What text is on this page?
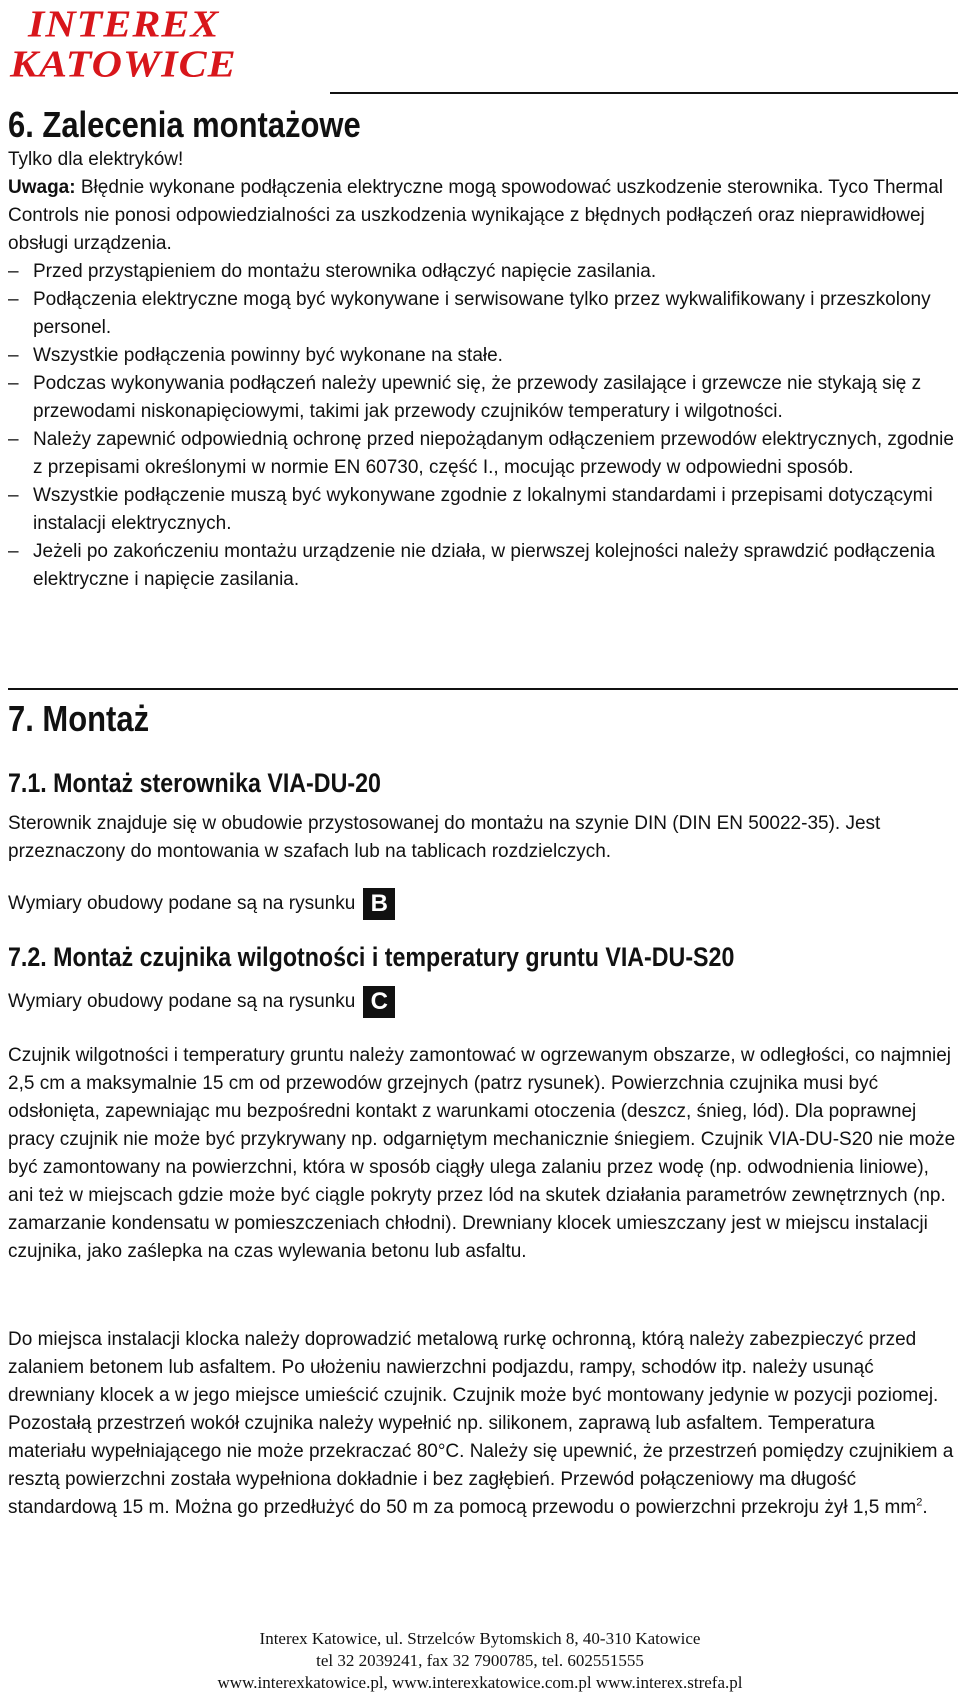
INTEREX
KATOWICE
6. Zalecenia montażowe

Tylko dla elektryków!

Uwaga: Błędnie wykonane podłączenia elektryczne mogą spowodować uszkodzenie sterownika. Tyco Thermal Controls nie ponosi odpowiedzialności za uszkodzenia wynikające z błędnych podłączeń oraz nieprawidłowej obsługi urządzenia.

– Przed przystąpieniem do montażu sterownika odłączyć napięcie zasilania.
– Podłączenia elektryczne mogą być wykonywane i serwisowane tylko przez wykwalifikowany i przeszkolony personel.
– Wszystkie podłączenia powinny być wykonane na stałe.
– Podczas wykonywania podłączeń należy upewnić się, że przewody zasilające i grzewcze nie stykają się z przewodami niskonapięciowymi, takimi jak przewody czujników temperatury i wilgotności.
– Należy zapewnić odpowiednią ochronę przed niepożądanym odłączeniem przewodów elektrycznych, zgodnie z przepisami określonymi w normie EN 60730, część I., mocując przewody w odpowiedni sposób.
– Wszystkie podłączenie muszą być wykonywane zgodnie z lokalnymi standardami i przepisami dotyczącymi instalacji elektrycznych.
– Jeżeli po zakończeniu montażu urządzenie nie działa, w pierwszej kolejności należy sprawdzić podłączenia elektryczne i napięcie zasilania.
7. Montaż
7.1. Montaż sterownika VIA-DU-20
Sterownik znajduje się w obudowie przystosowanej do montażu na szynie DIN (DIN EN 50022-35). Jest przeznaczony do montowania w szafach lub na tablicach rozdzielczych.
Wymiary obudowy podane są na rysunku B
7.2. Montaż czujnika wilgotności i temperatury gruntu VIA-DU-S20
Wymiary obudowy podane są na rysunku C
Czujnik wilgotności i temperatury gruntu należy zamontować w ogrzewanym obszarze, w odległości, co najmniej 2,5 cm a maksymalnie 15 cm od przewodów grzejnych (patrz rysunek). Powierzchnia czujnika musi być odsłonięta, zapewniając mu bezpośredni kontakt z warunkami otoczenia (deszcz, śnieg, lód). Dla poprawnej pracy czujnik nie może być przykrywany np. odgarniętym mechanicznie śniegiem. Czujnik VIA-DU-S20 nie może być zamontowany na powierzchni, która w sposób ciągły ulega zalaniu przez wodę (np. odwodnienia liniowe), ani też w miejscach gdzie może być ciągle pokryty przez lód na skutek działania parametrów zewnętrznych (np. zamarzanie kondensatu w pomieszczeniach chłodni). Drewniany klocek umieszczany jest w miejscu instalacji czujnika, jako zaślepka na czas wylewania betonu lub asfaltu.
Do miejsca instalacji klocka należy doprowadzić metalową rurkę ochronną, którą należy zabezpieczyć przed zalaniem betonem lub asfaltem. Po ułożeniu nawierzchni podjazdu, rampy, schodów itp. należy usunąć drewniany klocek a w jego miejsce umieścić czujnik. Czujnik może być montowany jedynie w pozycji poziomej. Pozostałą przestrzeń wokół czujnika należy wypełnić np. silikonem, zaprawą lub asfaltem. Temperatura materiału wypełniającego nie może przekraczać 80°C. Należy się upewnić, że przestrzeń pomiędzy czujnikiem a resztą powierzchni została wypełniona dokładnie i bez zagłębień. Przewód połączeniowy ma długość standardową 15 m. Można go przedłużyć do 50 m za pomocą przewodu o powierzchni przekroju żył 1,5 $mm^2$.
Interex Katowice, ul. Strzelców Bytomskich 8, 40-310 Katowice
tel 32 2039241, fax 32 7900785, tel. 602551555
www.interexkatowice.pl, www.interexkatowice.com.pl www.interex.strefa.pl
